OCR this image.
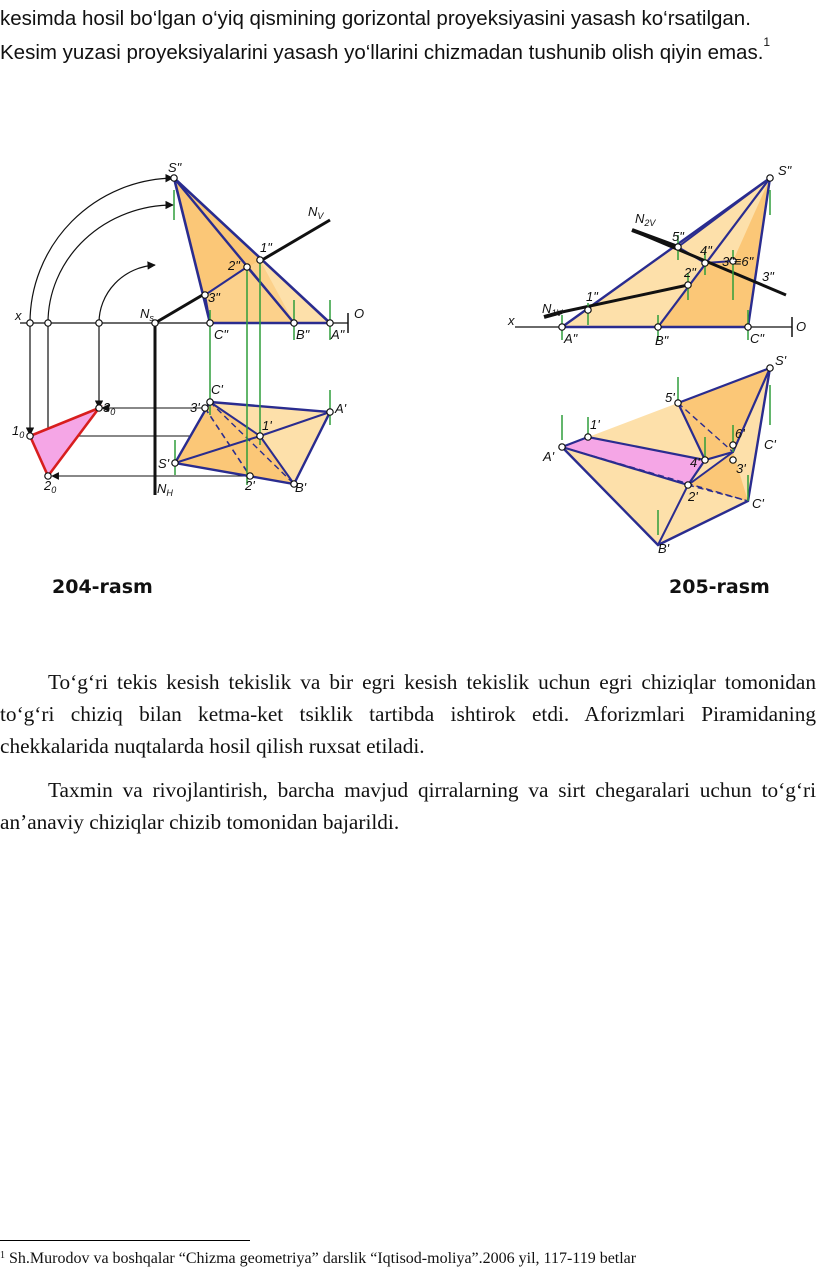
kesimda hosil bo‘lgan o‘yiq qismining gorizontal proyeksiyasini yasash ko‘rsatilgan. Kesim yuzasi proyeksiyalarini yasash yo‘llarini chizmadan tushunib olish qiyin emas.$^1$

S"
$N_V$
1"
2"
3"
x	$N_s$
C"	B" A"
O
C'
$3_0$	3'	A'
$1_0$
1'
S'
$2_0$	$N_H$	2'	B'
S"
$N_{2V}$
5"
4"
3"≡6"
3"
2"
$N_{1V}$
1"
x	O
A"	B"	C"
S'
5'
1'
6'
A'
C'
4'	3'
2'	C'
B'
204-rasm	205-rasm

To‘g‘ri tekis kesish tekislik va bir egri kesish tekislik uchun egri chiziqlar tomonidan to‘g‘ri chiziq bilan ketma-ket tsiklik tartibda ishtirok etdi. Aforizmlari Piramidaning chekkalarida nuqtalarda hosil qilish ruxsat etiladi.

Taxmin va rivojlantirish, barcha mavjud qirralarning va sirt chegaralari uchun to‘g‘ri an’anaviy chiziqlar chizib tomonidan bajarildi.

$^1$ Sh.Murodov va boshqalar “Chizma geometriya” darslik “Iqtisod-moliya”.2006 yil, 117-119 betlar
